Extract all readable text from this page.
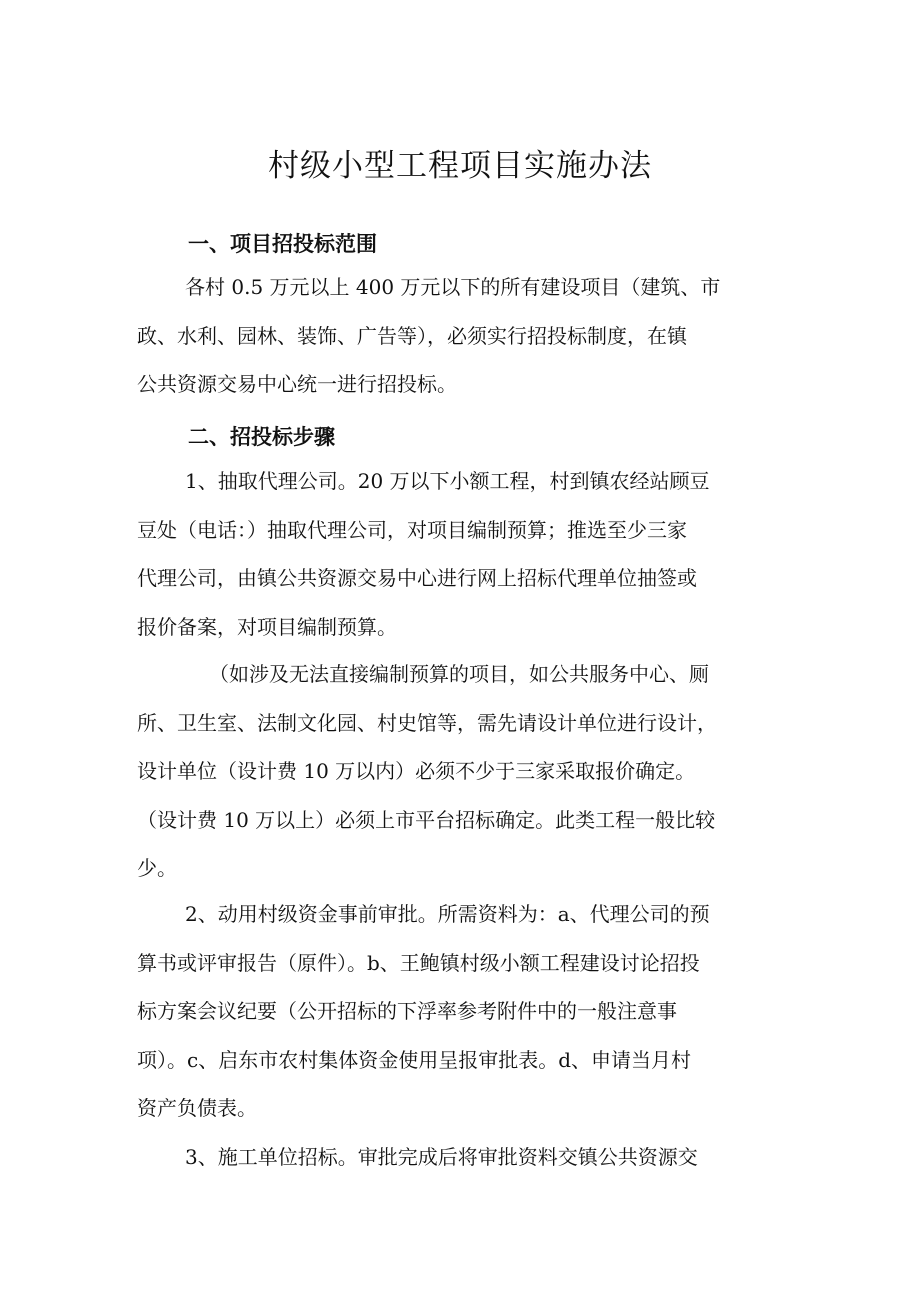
村级小型工程项目实施办法
一、项目招投标范围

各村 0.5 万元以上 400 万元以下的所有建设项目（建筑、市
政、水利、园林、装饰、广告等），必须实行招投标制度，在镇
公共资源交易中心统一进行招投标。

二、招投标步骤

1、抽取代理公司。20 万以下小额工程，村到镇农经站顾豆
豆处（电话：）抽取代理公司，对项目编制预算；推选至少三家
代理公司，由镇公共资源交易中心进行网上招标代理单位抽签或
报价备案，对项目编制预算。

（如涉及无法直接编制预算的项目，如公共服务中心、厕
所、卫生室、法制文化园、村史馆等，需先请设计单位进行设计，
设计单位（设计费 10 万以内）必须不少于三家采取报价确定。
（设计费 10 万以上）必须上市平台招标确定。此类工程一般比较
少。

2、动用村级资金事前审批。所需资料为：a、代理公司的预
算书或评审报告（原件）。b、王鲍镇村级小额工程建设讨论招投
标方案会议纪要（公开招标的下浮率参考附件中的一般注意事
项）。c、启东市农村集体资金使用呈报审批表。d、申请当月村
资产负债表。

3、施工单位招标。审批完成后将审批资料交镇公共资源交
